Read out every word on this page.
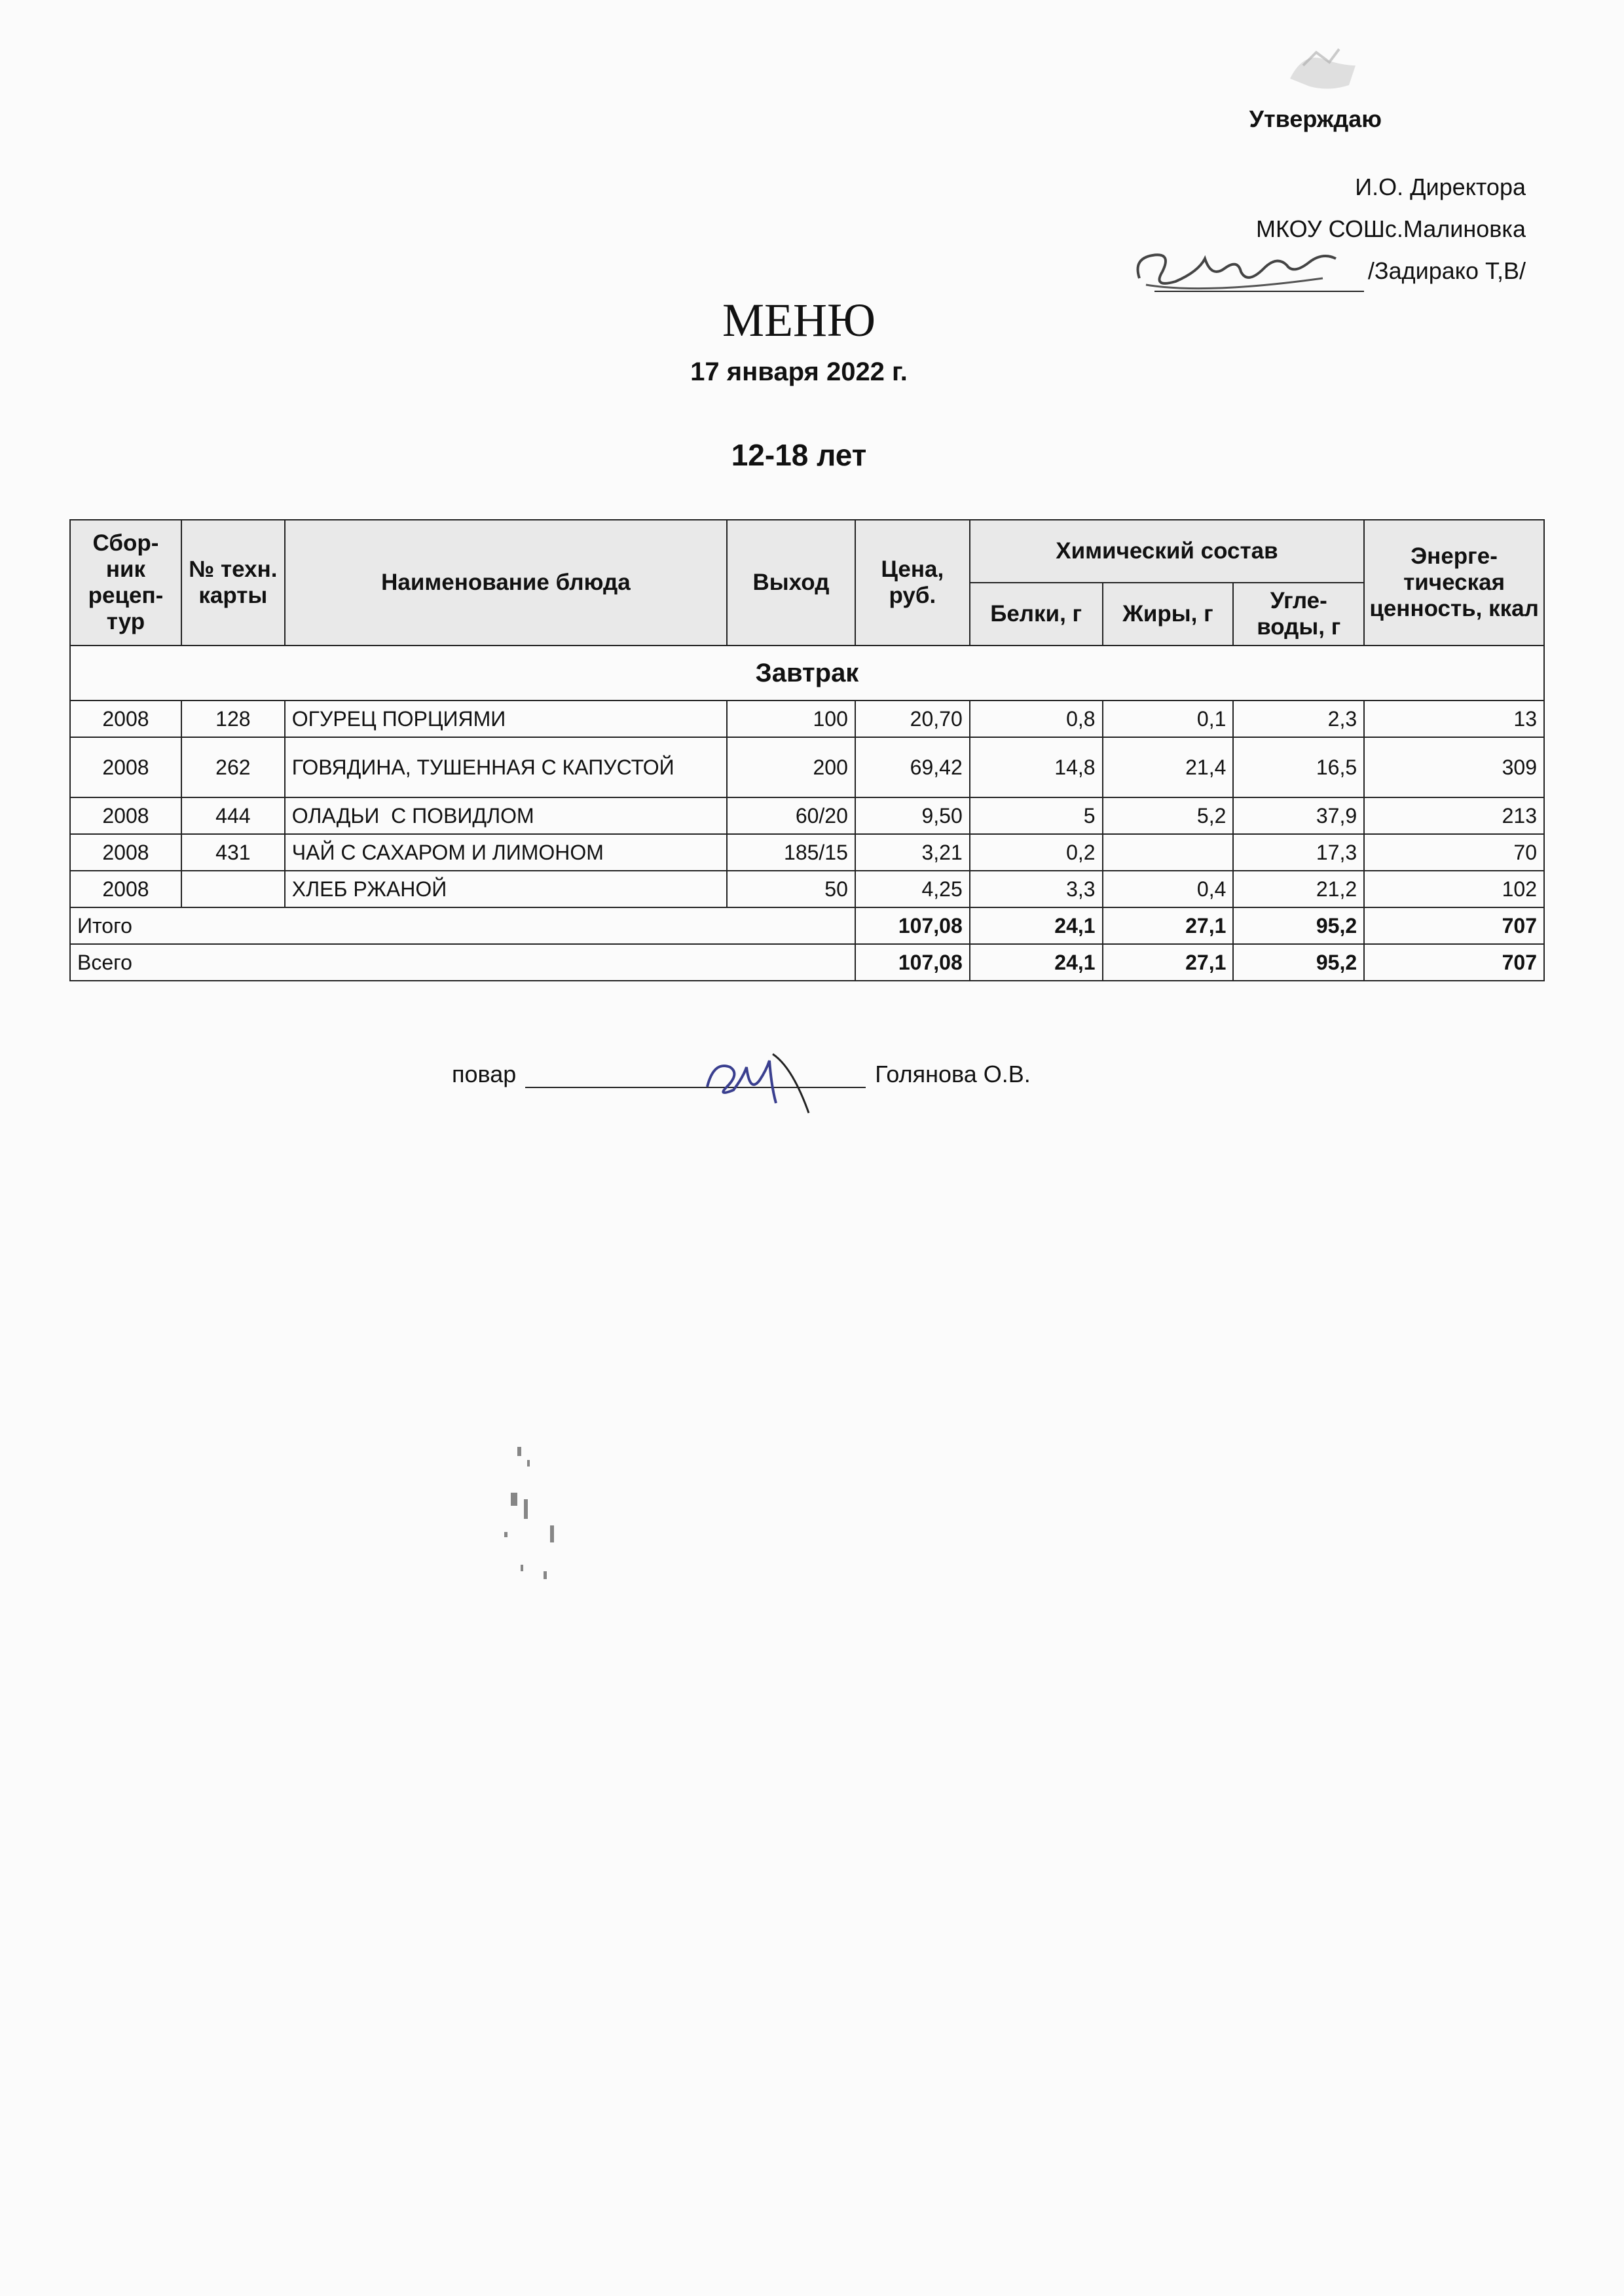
Утверждаю
И.О. Директора
МКОУ СОШс.Малиновка
/Задирако Т,В/
МЕНЮ
17 января 2022 г.
12-18 лет
Сбор-ник рецеп-тур	№ техн. карты	Наименование блюда	Выход	Цена, руб.	Химический состав			Энерге-тическая ценность, ккал
					Белки, г	Жиры, г	Угле-воды, г	
Завтрак								
2008	128	ОГУРЕЦ ПОРЦИЯМИ	100	20,70	0,8	0,1	2,3	13
2008	262	ГОВЯДИНА, ТУШЕННАЯ С КАПУСТОЙ	200	69,42	14,8	21,4	16,5	309
2008	444	ОЛАДЬИ  С ПОВИДЛОМ	60/20	9,50	5	5,2	37,9	213
2008	431	ЧАЙ С САХАРОМ И ЛИМОНОМ	185/15	3,21	0,2		17,3	70
2008		ХЛЕБ РЖАНОЙ	50	4,25	3,3	0,4	21,2	102
Итого				107,08	24,1	27,1	95,2	707
Всего				107,08	24,1	27,1	95,2	707
повар	Голянова О.В.
